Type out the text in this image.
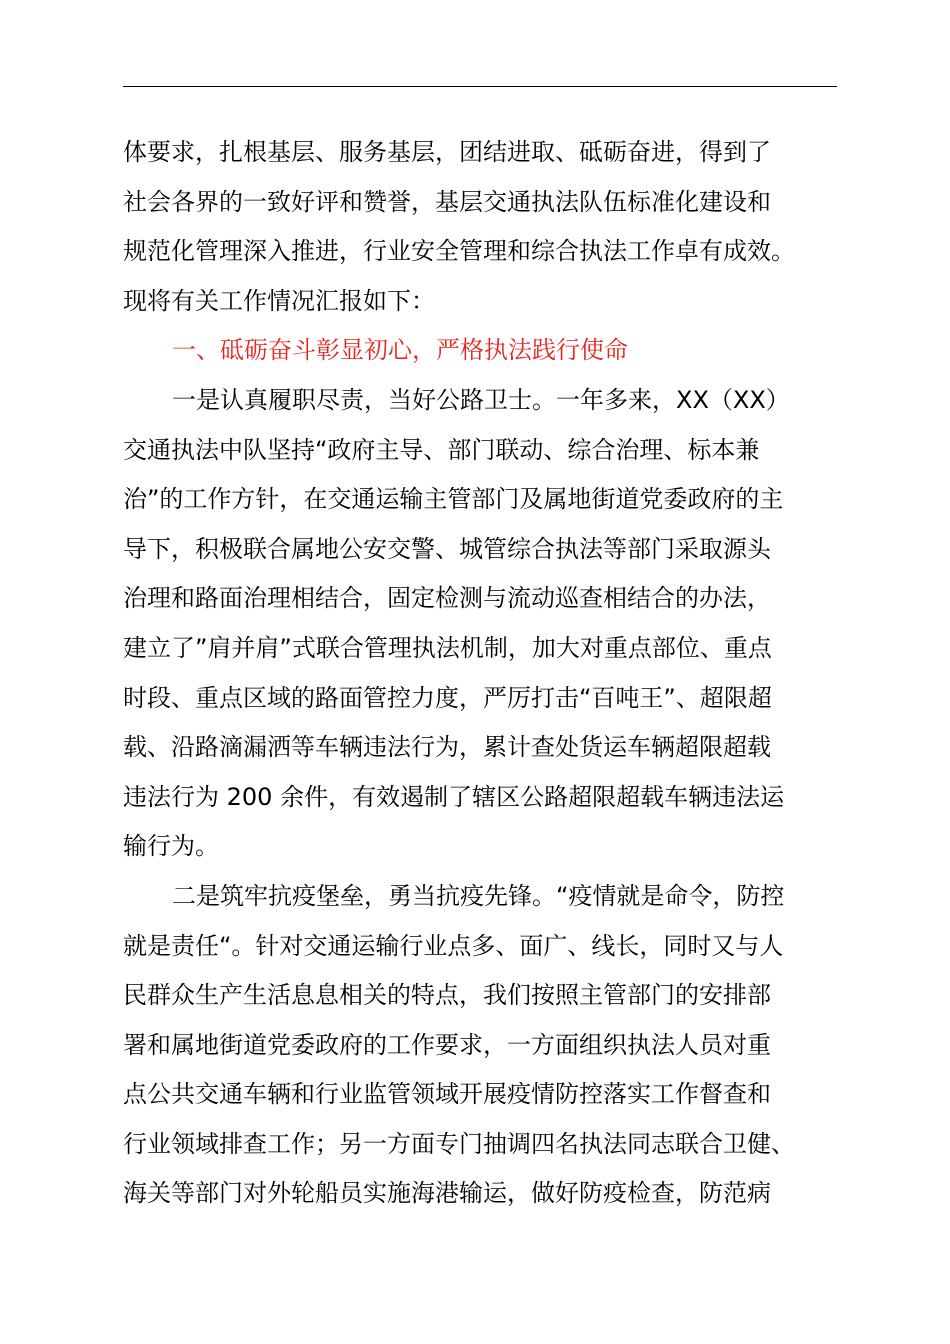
体要求，扎根基层、服务基层，团结进取、砥砺奋进，得到了
社会各界的一致好评和赞誉，基层交通执法队伍标准化建设和
规范化管理深入推进，行业安全管理和综合执法工作卓有成效。
现将有关工作情况汇报如下：
一、砥砺奋斗彰显初心，严格执法践行使命
一是认真履职尽责，当好公路卫士。一年多来，XX（XX）
交通执法中队坚持“政府主导、部门联动、综合治理、标本兼
治”的工作方针，在交通运输主管部门及属地街道党委政府的主
导下，积极联合属地公安交警、城管综合执法等部门采取源头
治理和路面治理相结合，固定检测与流动巡查相结合的办法，
建立了”肩并肩”式联合管理执法机制，加大对重点部位、重点
时段、重点区域的路面管控力度，严厉打击“百吨王”、超限超
载、沿路滴漏洒等车辆违法行为，累计查处货运车辆超限超载
违法行为 200 余件，有效遏制了辖区公路超限超载车辆违法运
输行为。
二是筑牢抗疫堡垒，勇当抗疫先锋。“疫情就是命令，防控
就是责任“。针对交通运输行业点多、面广、线长，同时又与人
民群众生产生活息息相关的特点，我们按照主管部门的安排部
署和属地街道党委政府的工作要求，一方面组织执法人员对重
点公共交通车辆和行业监管领域开展疫情防控落实工作督查和
行业领域排查工作；另一方面专门抽调四名执法同志联合卫健、
海关等部门对外轮船员实施海港输运，做好防疫检查，防范病
